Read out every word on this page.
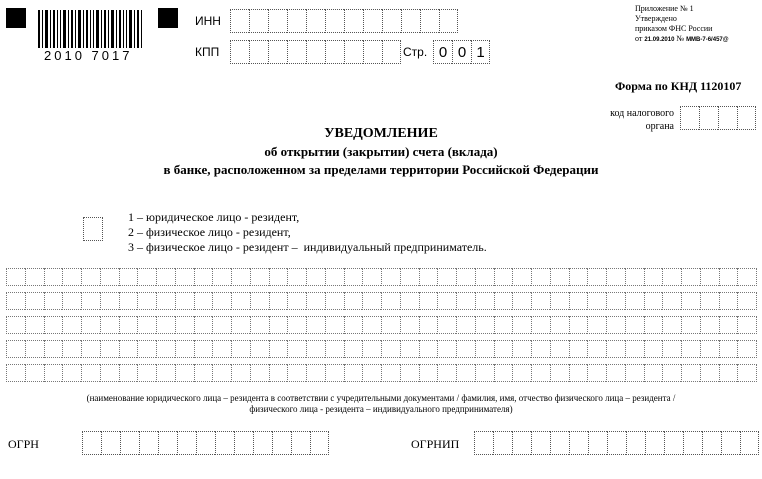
2010 7017
ИНН
КПП	Стр. 0 0 1
Приложение № 1
Утверждено
приказом ФНС России
от 21.09.2010 № ММВ-7-6/457@
Форма по КНД 1120107
код налогового
органа
УВЕДОМЛЕНИЕ
об открытии (закрытии) счета (вклада)
в банке, расположенном за пределами территории Российской Федерации
1 – юридическое лицо - резидент,
2 – физическое лицо - резидент,
3 – физическое лицо - резидент –  индивидуальный предприниматель.
(наименование юридического лица – резидента в соответствии с учредительными документами / фамилия, имя, отчество физического лица – резидента /
физического лица - резидента – индивидуального предпринимателя)
ОГРН	ОГРНИП
